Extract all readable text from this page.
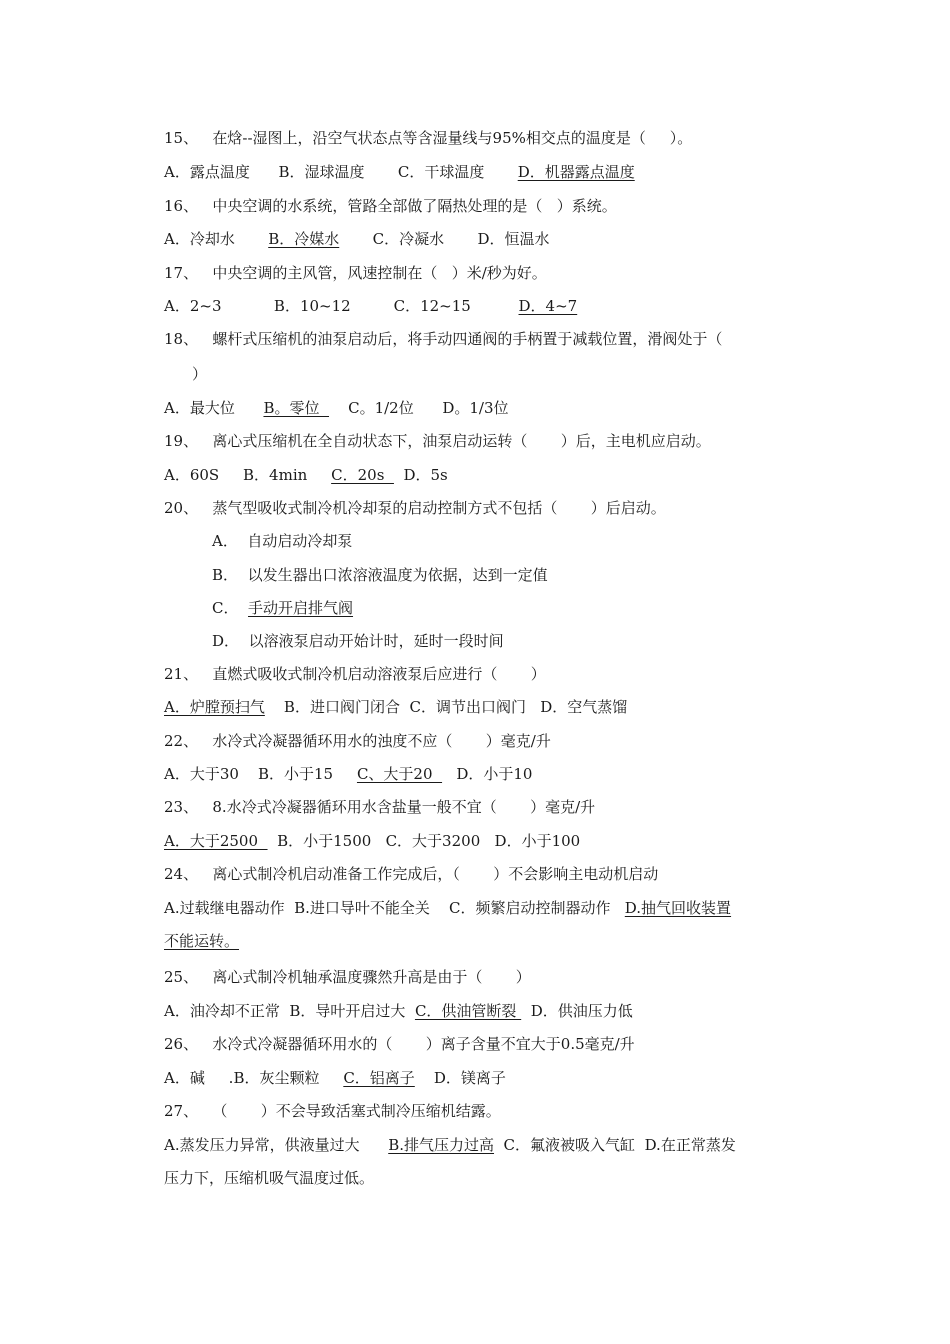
15、   在焓--湿图上，沿空气状态点等含湿量线与95%相交点的温度是（     ）。
A．露点温度      B．湿球温度       C．干球温度       D．机器露点温度
16、   中央空调的水系统，管路全部做了隔热处理的是（   ）系统。
A．冷却水       B．冷媒水       C．冷凝水       D．恒温水
17、   中央空调的主风管，风速控制在（   ）米/秒为好。
A．2~3           B．10~12         C．12~15          D．4~7
18、   螺杆式压缩机的油泵启动后，将手动四通阀的手柄置于减载位置，滑阀处于（
）
A．最大位      B。零位      C。1/2位      D。1/3位
19、   离心式压缩机在全自动状态下，油泵启动运转（       ）后，主电机应启动。
A．60S     B．4min     C．20s    D．5s
20、   蒸气型吸收式制冷机冷却泵的启动控制方式不包括（       ）后启动。
A．  自动启动冷却泵
B．  以发生器出口浓溶液温度为依据，达到一定值
C．  手动开启排气阀
D．  以溶液泵启动开始计时，延时一段时间
21、   直燃式吸收式制冷机启动溶液泵后应进行（       ）
A．炉膛预扫气    B．进口阀门闭合  C．调节出口阀门   D．空气蒸馏
22、   水冷式冷凝器循环用水的浊度不应（       ）毫克/升
A．大于30    B．小于15     C、大于20     D．小于10
23、   8.水冷式冷凝器循环用水含盐量一般不宜（       ）毫克/升
A．大于2500    B．小于1500   C．大于3200   D．小于100
24、   离心式制冷机启动准备工作完成后，（       ）不会影响主电动机启动
A.过载继电器动作  B.进口导叶不能全关    C．频繁启动控制器动作   D.抽气回收装置
不能运转。
25、   离心式制冷机轴承温度骤然升高是由于（       ）
A．油冷却不正常  B．导叶开启过大  C．供油管断裂   D．供油压力低
26、   水冷式冷凝器循环用水的（       ）离子含量不宜大于0.5毫克/升
A．碱     .B．灰尘颗粒     C．铝离子    D．镁离子
27、   （       ）不会导致活塞式制冷压缩机结露。
A.蒸发压力异常，供液量过大      B.排气压力过高  C．氟液被吸入气缸  D.在正常蒸发
压力下，压缩机吸气温度过低。
